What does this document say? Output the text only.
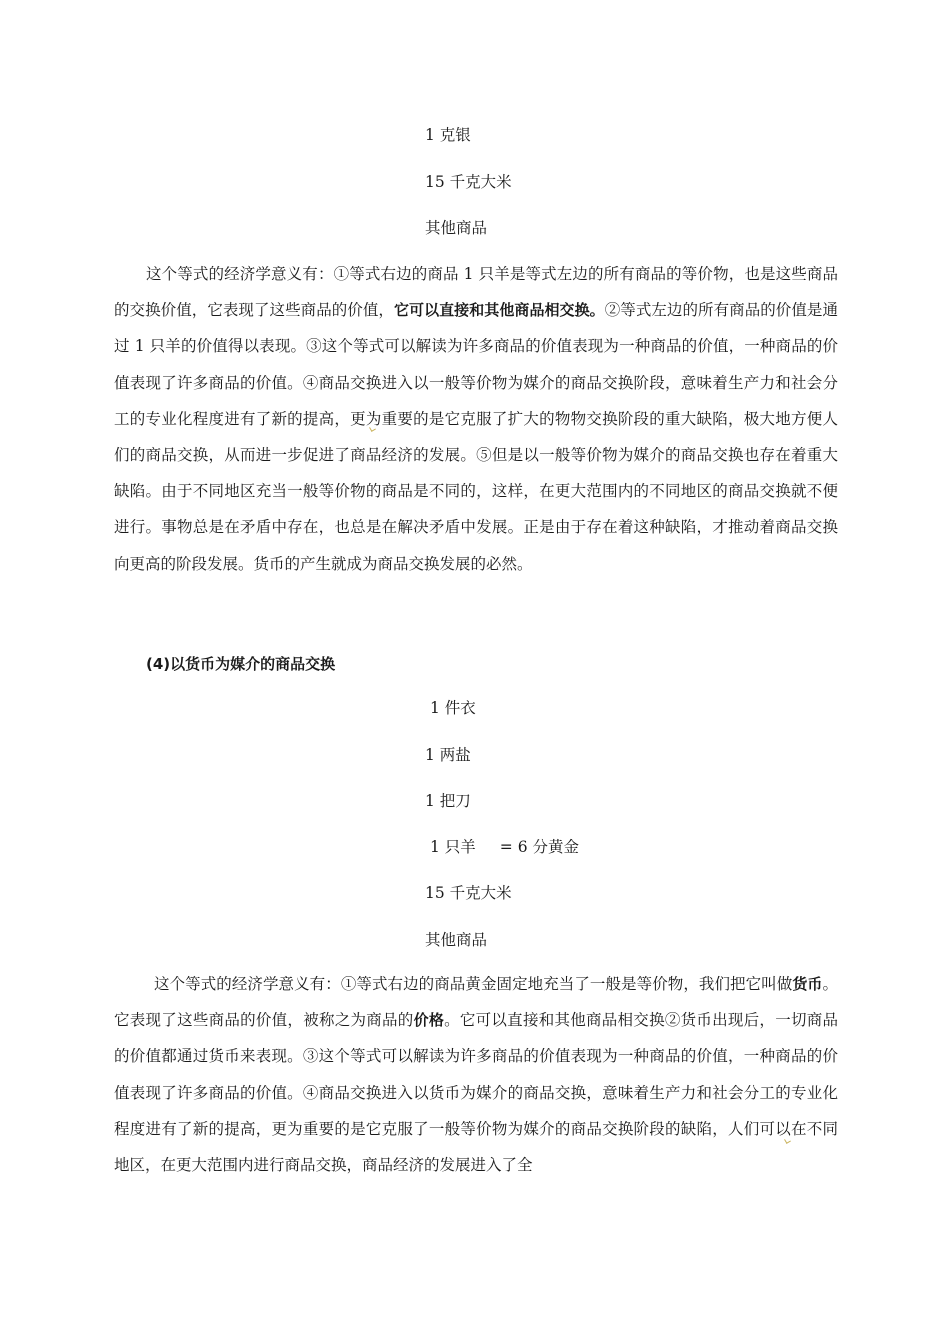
1 克银
15 千克大米
其他商品

这个等式的经济学意义有：①等式右边的商品 1 只羊是等式左边的所有商品的等价物，也是这些商品的交换价值，它表现了这些商品的价值，它可以直接和其他商品相交换。②等式左边的所有商品的价值是通过 1 只羊的价值得以表现。③这个等式可以解读为许多商品的价值表现为一种商品的价值，一种商品的价值表现了许多商品的价值。④商品交换进入以一般等价物为媒介的商品交换阶段，意味着生产力和社会分工的专业化程度进有了新的提高，更为重要的是它克服了扩大的物物交换阶段的重大缺陷，极大地方便人们的商品交换，从而进一步促进了商品经济的发展。⑤但是以一般等价物为媒介的商品交换也存在着重大缺陷。由于不同地区充当一般等价物的商品是不同的，这样，在更大范围内的不同地区的商品交换就不便进行。事物总是在矛盾中存在，也总是在解决矛盾中发展。正是由于存在着这种缺陷，才推动着商品交换向更高的阶段发展。货币的产生就成为商品交换发展的必然。

(4)以货币为媒介的商品交换
1 件衣
1 两盐
1 把刀
1 只羊 = 6 分黄金
15 千克大米
其他商品

这个等式的经济学意义有：①等式右边的商品黄金固定地充当了一般是等价物，我们把它叫做货币。它表现了这些商品的价值，被称之为商品的价格。它可以直接和其他商品相交换②货币出现后，一切商品的价值都通过货币来表现。③这个等式可以解读为许多商品的价值表现为一种商品的价值，一种商品的价值表现了许多商品的价值。④商品交换进入以货币为媒介的商品交换，意味着生产力和社会分工的专业化程度进有了新的提高，更为重要的是它克服了一般等价物为媒介的商品交换阶段的缺陷，人们可以在不同地区，在更大范围内进行商品交换，商品经济的发展进入了全
